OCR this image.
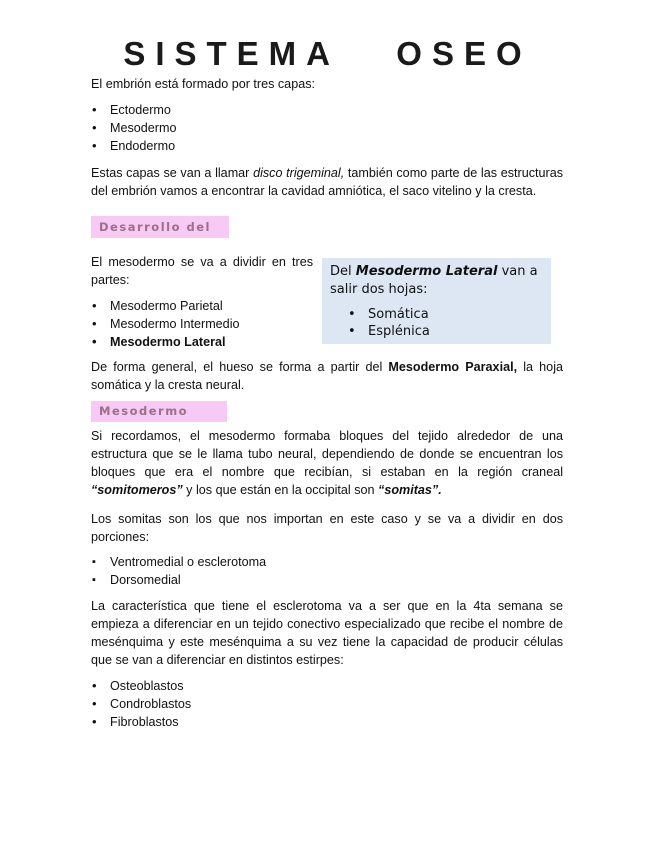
SISTEMA   OSEO

El embrión está formado por tres capas:

• Ectodermo
• Mesodermo
• Endodermo

Estas capas se van a llamar disco trigeminal, también como parte de las estructuras del embrión vamos a encontrar la cavidad amniótica, el saco vitelino y la cresta.

Desarrollo del

El mesodermo se va a dividir en tres partes:

• Mesodermo Parietal
• Mesodermo Intermedio
• Mesodermo Lateral
Del Mesodermo Lateral van a salir dos hojas:
• Somática
• Esplénica

De forma general, el hueso se forma a partir del Mesodermo Paraxial, la hoja somática y la cresta neural.

Mesodermo

Si recordamos, el mesodermo formaba bloques del tejido alrededor de una estructura que se le llama tubo neural, dependiendo de donde se encuentran los bloques que era el nombre que recibían, si estaban en la región craneal “somitomeros” y los que están en la occipital son “somitas”.

Los somitas son los que nos importan en este caso y se va a dividir en dos porciones:

▪ Ventromedial o esclerotoma
▪ Dorsomedial

La característica que tiene el esclerotoma va a ser que en la 4ta semana se empieza a diferenciar en un tejido conectivo especializado que recibe el nombre de mesénquima y este mesénquima a su vez tiene la capacidad de producir células que se van a diferenciar en distintos estirpes:

• Osteoblastos
• Condroblastos
• Fibroblastos
